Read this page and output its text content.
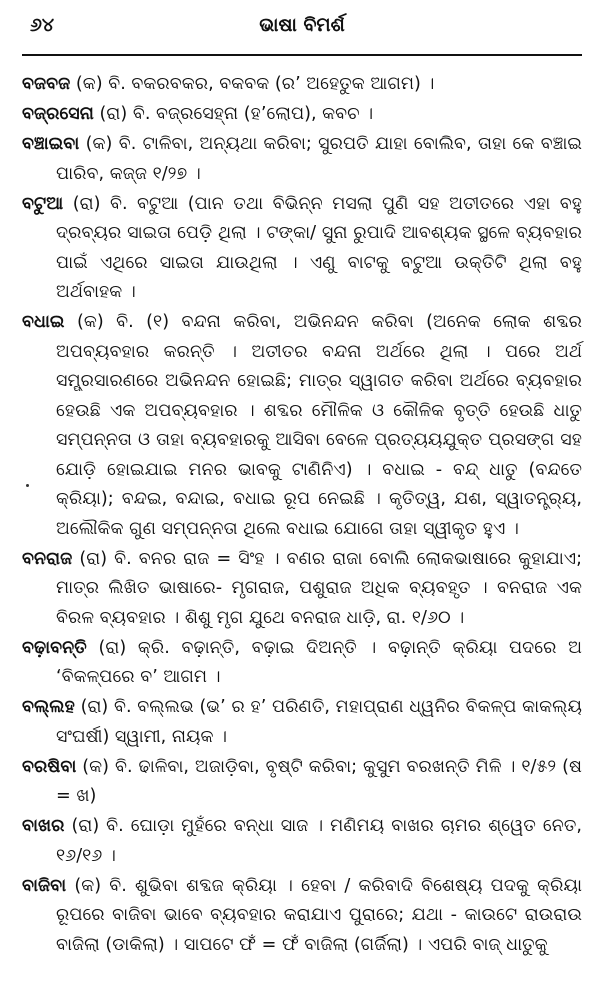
୬୪	ଭାଷା ବିମର୍ଶ
ବଜବଜ (କ) ବି. ବକରବକର, ବକବକ (ର’ ଅହେତୁକ ଆଗମ) ।
ବଜ୍ରସେନା (ରା) ବି. ବଜ୍ରସେହ୍ନା (ହ’ଲୋପ), କବଚ ।
ବଞ୍ଚାଇବା (କ) ବି. ଟାଳିବା, ଅନ୍ୟଥା କରିବା; ସୁରପତି ଯାହା ବୋଲିବ, ତାହା କେ ବଞ୍ଚାଇ ପାରିବ, କଜ୍ଜ ୧/୨୭ ।
ବଟୁଆ (ରା) ବି. ବଟୁଆ (ପାନ ତଥା ବିଭିନ୍ନ ମସଲା ପୁଣି ସହ ଅତୀତରେ ଏହା ବହୁ ଦ୍ରବ୍ୟର ସାଇତା ପେଡ଼ି ଥିଲା । ଟଙ୍କା/ ସୁନା ରୁପାଦି ଆବଶ୍ୟକ ସ୍ଥଳେ ବ୍ୟବହାର ପାଇଁ ଏଥିରେ ସାଇତା ଯାଉଥିଲା । ଏଣୁ ବାଟକୁ ବଟୁଆ ଉକ୍ତିଟି ଥିଲା ବହୁ ଅର୍ଥବାହକ ।
ବଧାଇ (କ) ବି. (୧) ବନ୍ଦନା କରିବା, ଅଭିନନ୍ଦନ କରିବା (ଅନେକ ଲୋକ ଶବ୍ଦର ଅପବ୍ୟବହାର କରନ୍ତି । ଅତୀତର ବନ୍ଦନା ଅର୍ଥରେ ଥିଲା । ପରେ ଅର୍ଥ ସମ୍ପ୍ରସାରଣରେ ଅଭିନନ୍ଦନ ହୋଇଛି; ମାତ୍ର ସ୍ୱାଗତ କରିବା ଅର୍ଥରେ ବ୍ୟବହାର ହେଉଛି ଏକ ଅପବ୍ୟବହାର । ଶବ୍ଦର ମୌଳିକ ଓ କୌଳିକ ବୃତ୍ତି ହେଉଛି ଧାତୁ ସମ୍ପନ୍ନତା ଓ ତାହା ବ୍ୟବହାରକୁ ଆସିବା ବେଳେ ପ୍ରତ୍ୟୟଯୁକ୍ତ ପ୍ରସଙ୍ଗ ସହ ଯୋଡ଼ି ହୋଇଯାଇ ମନର ଭାବକୁ ଟାଣିନିଏ) । ବଧାଇ - ବନ୍ଦ୍ ଧାତୁ (ବନ୍ଦତେ କ୍ରିୟା); ବନ୍ଦଇ, ବନ୍ଦାଇ, ବଧାଇ ରୂପ ନେଇଛି । କୃତିତ୍ୱ, ଯଶ, ସ୍ୱାତନ୍ତ୍ର୍ୟ, ଅଲୌକିକ ଗୁଣ ସମ୍ପନ୍ନତା ଥିଲେ ବଧାଇ ଯୋଗେ ତାହା ସ୍ୱୀକୃତ ହୁଏ ।
ବନରାଜ (ରା) ବି. ବନର ରାଜ = ସିଂହ । ବଣର ରାଜା ବୋଲି ଲୋକଭାଷାରେ କୁହାଯାଏ; ମାତ୍ର ଲିଖିତ ଭାଷାରେ- ମୃଗରାଜ, ପଶୁରାଜ ଅଧିକ ବ୍ୟବହୃତ । ବନରାଜ ଏକ ବିରଳ ବ୍ୟବହାର । ଶିଶୁ ମୃଗ ଯୁଥେ ବନରାଜ ଧାଡ଼ି, ରା. ୧/୬୦ ।
ବଢ଼ାବନ୍ତି (ରା) କ୍ରି. ବଢ଼ାନ୍ତି, ବଢ଼ାଇ ଦିଅନ୍ତି । ବଢ଼ାନ୍ତି କ୍ରିୟା ପଦରେ ଅ ‘ବିକଳ୍ପରେ ବ’ ଆଗମ ।
ବଲ୍ଲହ (ରା) ବି. ବଲ୍ଲଭ (ଭ’ ର ହ’ ପରିଣତି, ମହାପ୍ରାଣ ଧ୍ୱନିର ବିକଳ୍ପ କାକଲ୍ୟ ସଂଘର୍ଷୀ) ସ୍ୱାମୀ, ନାୟକ ।
ବରଷିବା (କ) ବି. ଢାଳିବା, ଅଜାଡ଼ିବା, ବୃଷ୍ଟି କରିବା; କୁସୁମ ବରଖନ୍ତି ମିଳି । ୧/୫୨ (ଷ = ଖ)
ବାଖର (ରା) ବି. ଘୋଡ଼ା ମୁହଁରେ ବନ୍ଧା ସାଜ । ମଣିମୟ ବାଖର ଚାମର ଶ୍ୱେତ ନେତ, ୧୬/୧୬ ।
ବାଜିବା (କ) ବି. ଶୁଭିବା ଶବ୍ଦଜ କ୍ରିୟା । ହେବା / କରିବାଦି ବିଶେଷ୍ୟ ପଦକୁ କ୍ରିୟା ରୂପରେ ବାଜିବା ଭାବେ ବ୍ୟବହାର କରାଯାଏ ପୁରାରେ; ଯଥା - କାଉଟେ ରାଉରାଉ ବାଜିଲା (ଡାକିଲା) । ସାପଟେ ଫଁ = ଫଁ ବାଜିଲା (ଗର୍ଜିଲା) । ଏପରି ବାଜ୍ ଧାତୁକୁ
